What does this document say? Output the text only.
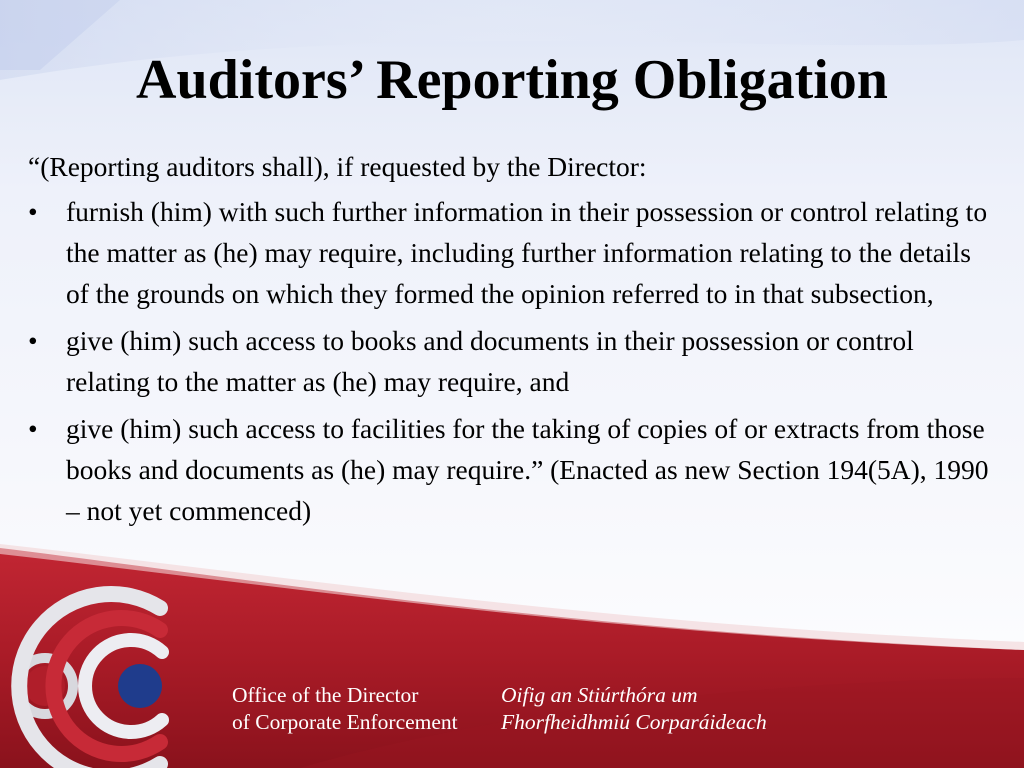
Auditors’ Reporting Obligation

“(Reporting auditors shall), if requested by the Director:

• furnish (him) with such further information in their possession or control relating to the matter as (he) may require, including further information relating to the details of the grounds on which they formed the opinion referred to in that subsection,
• give (him) such access to books and documents in their possession or control relating to the matter as (he) may require, and
• give (him) such access to facilities for the taking of copies of or extracts from those books and documents as (he) may require.” (Enacted as new Section 194(5A), 1990 – not yet commenced)
Office of the Director
of Corporate Enforcement
Oifig an Stiúrthóra um
Fhorfheidhmiú Corparáideach
